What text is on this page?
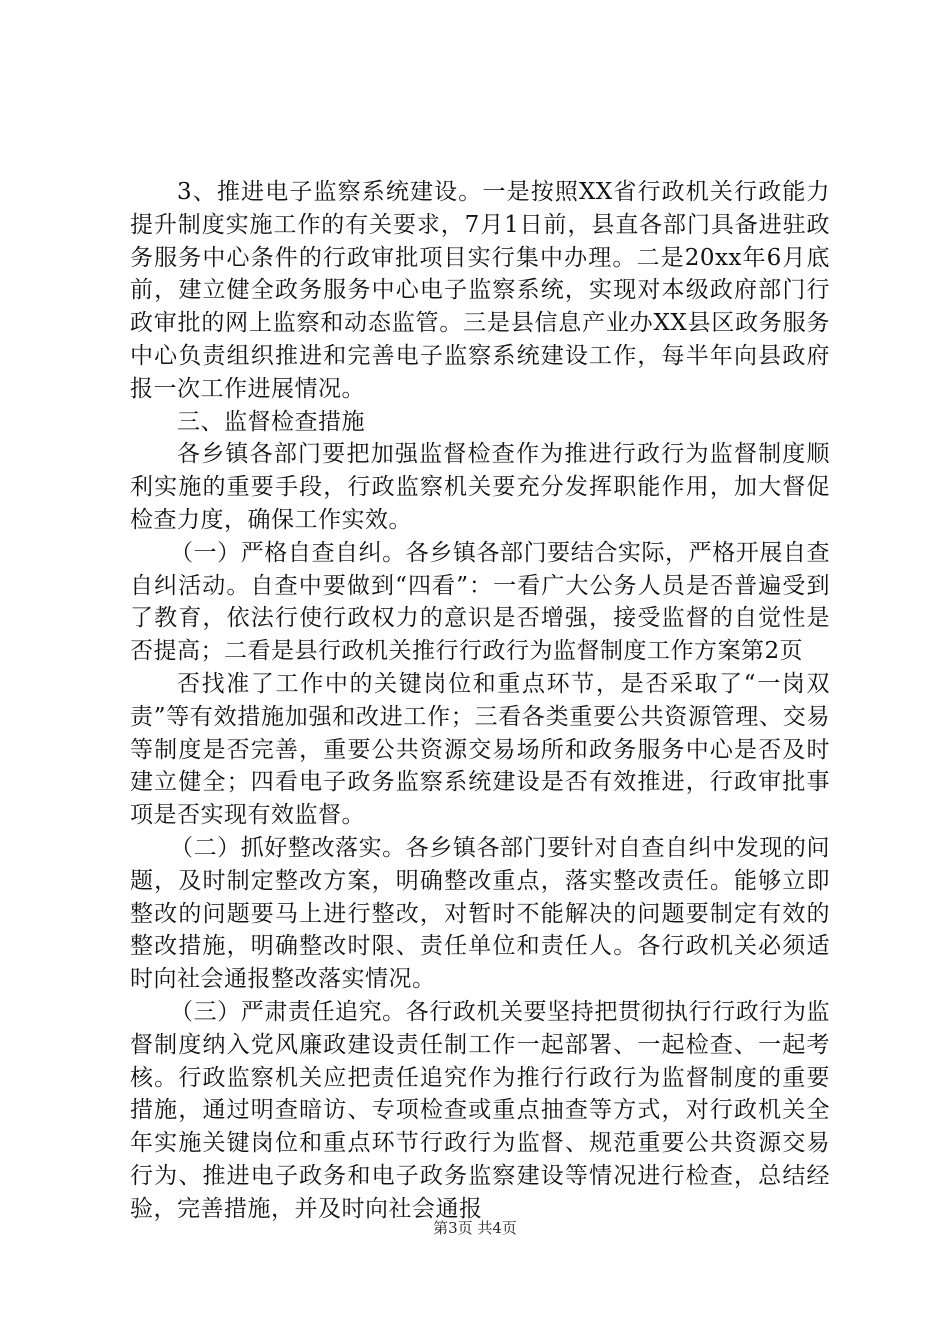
3、推进电子监察系统建设。一是按照XX省行政机关行政能力提升制度实施工作的有关要求，7月1日前，县直各部门具备进驻政务服务中心条件的行政审批项目实行集中办理。二是20xx年6月底前，建立健全政务服务中心电子监察系统，实现对本级政府部门行政审批的网上监察和动态监管。三是县信息产业办XX县区政务服务中心负责组织推进和完善电子监察系统建设工作，每半年向县政府报一次工作进展情况。

三、监督检查措施

各乡镇各部门要把加强监督检查作为推进行政行为监督制度顺利实施的重要手段，行政监察机关要充分发挥职能作用，加大督促检查力度，确保工作实效。

（一）严格自查自纠。各乡镇各部门要结合实际，严格开展自查自纠活动。自查中要做到“四看”：一看广大公务人员是否普遍受到了教育，依法行使行政权力的意识是否增强，接受监督的自觉性是否提高；二看是县行政机关推行行政行为监督制度工作方案第2页

否找准了工作中的关键岗位和重点环节，是否采取了“一岗双责”等有效措施加强和改进工作；三看各类重要公共资源管理、交易等制度是否完善，重要公共资源交易场所和政务服务中心是否及时建立健全；四看电子政务监察系统建设是否有效推进，行政审批事项是否实现有效监督。

（二）抓好整改落实。各乡镇各部门要针对自查自纠中发现的问题，及时制定整改方案，明确整改重点，落实整改责任。能够立即整改的问题要马上进行整改，对暂时不能解决的问题要制定有效的整改措施，明确整改时限、责任单位和责任人。各行政机关必须适时向社会通报整改落实情况。

（三）严肃责任追究。各行政机关要坚持把贯彻执行行政行为监督制度纳入党风廉政建设责任制工作一起部署、一起检查、一起考核。行政监察机关应把责任追究作为推行行政行为监督制度的重要措施，通过明查暗访、专项检查或重点抽查等方式，对行政机关全年实施关键岗位和重点环节行政行为监督、规范重要公共资源交易行为、推进电子政务和电子政务监察建设等情况进行检查，总结经验，完善措施，并及时向社会通报

第3页 共4页
